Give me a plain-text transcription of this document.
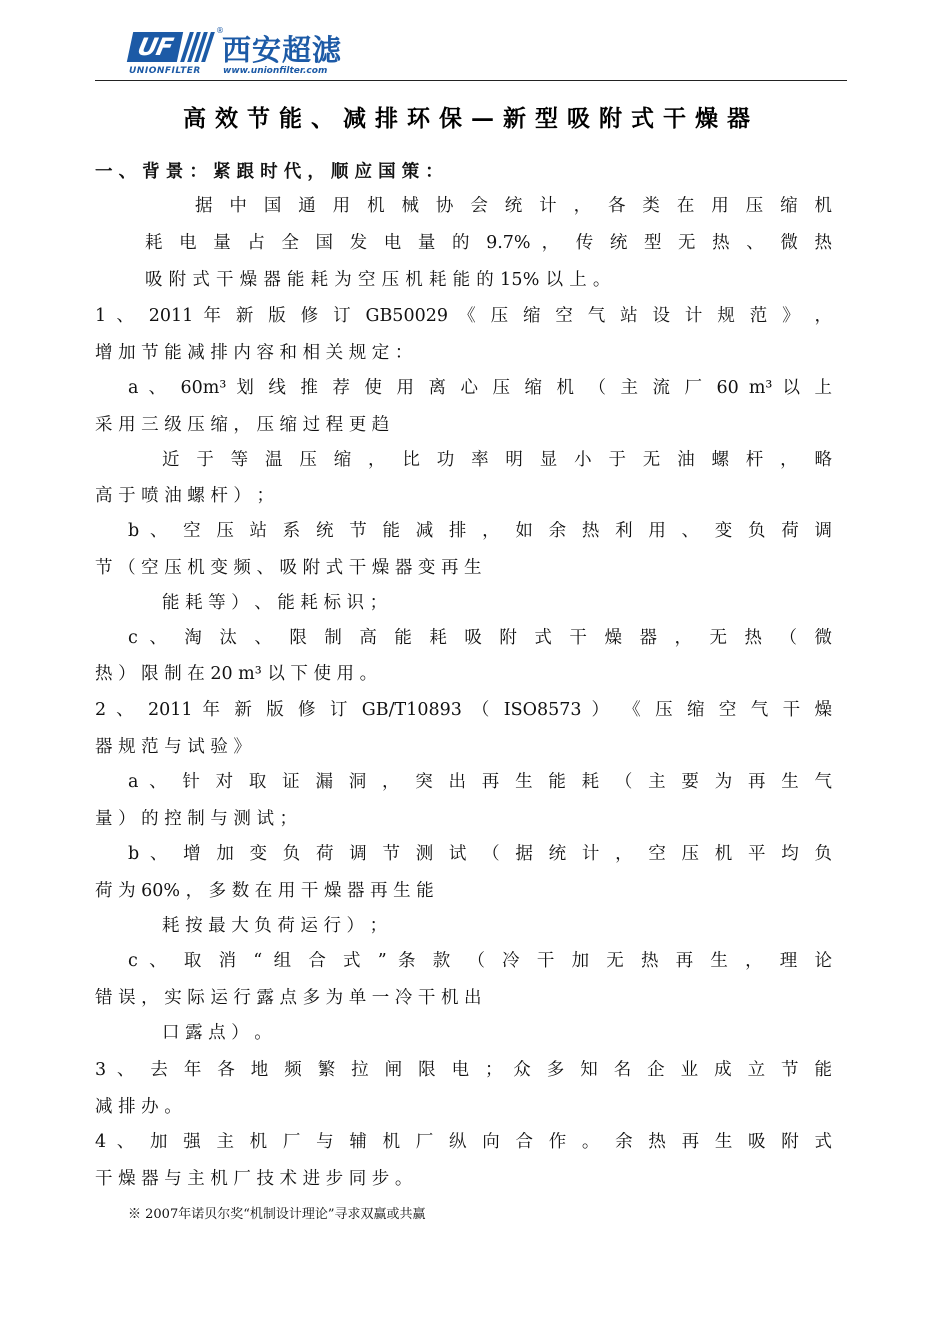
UF
®
西安超滤
UNIONFILTER www.unionfilter.com
高效节能、减排环保—新型吸附式干燥器
一 、 背 景 ： 紧 跟 时 代 ， 顺 应 国 策 ：
据 中 国 通 用 机 械 协 会 统 计 ， 各 类 在 用 压 缩 机
耗 电 量 占 全 国 发 电 量 的 9.7% ， 传 统 型 无 热 、 微 热
吸 附 式 干 燥 器 能 耗 为 空 压 机 耗 能 的 15% 以 上 。
1 、 2011 年 新 版 修 订 GB50029 《 压 缩 空 气 站 设 计 规 范 》 ，
增 加 节 能 减 排 内 容 和 相 关 规 定 ：
a 、 60m³ 划 线 推 荐 使 用 离 心 压 缩 机 （ 主 流 厂 60 m³ 以 上
采 用 三 级 压 缩 ， 压 缩 过 程 更 趋
近 于 等 温 压 缩 ， 比 功 率 明 显 小 于 无 油 螺 杆 ， 略
高 于 喷 油 螺 杆 ） ；
b 、 空 压 站 系 统 节 能 减 排 ， 如 余 热 利 用 、 变 负 荷 调
节 （ 空 压 机 变 频 、 吸 附 式 干 燥 器 变 再 生
能 耗 等 ） 、 能 耗 标 识 ；
c 、 淘 汰 、 限 制 高 能 耗 吸 附 式 干 燥 器 ， 无 热 （ 微
热 ） 限 制 在 20 m³ 以 下 使 用 。
2 、 2011 年 新 版 修 订 GB/T10893 （ ISO8573 ） 《 压 缩 空 气 干 燥
器 规 范 与 试 验 》
a 、 针 对 取 证 漏 洞 ， 突 出 再 生 能 耗 （ 主 要 为 再 生 气
量 ） 的 控 制 与 测 试 ；
b 、 增 加 变 负 荷 调 节 测 试 （ 据 统 计 ， 空 压 机 平 均 负
荷 为 60% ， 多 数 在 用 干 燥 器 再 生 能
耗 按 最 大 负 荷 运 行 ） ；
c 、 取 消 “ 组 合 式 ” 条 款 （ 冷 干 加 无 热 再 生 ， 理 论
错 误 ， 实 际 运 行 露 点 多 为 单 一 冷 干 机 出
口 露 点 ） 。
3 、 去 年 各 地 频 繁 拉 闸 限 电 ； 众 多 知 名 企 业 成 立 节 能
减 排 办 。
4 、 加 强 主 机 厂 与 辅 机 厂 纵 向 合 作 。 余 热 再 生 吸 附 式
干 燥 器 与 主 机 厂 技 术 进 步 同 步 。
※ 2007年诺贝尔奖“机制设计理论”寻求双赢或共赢
